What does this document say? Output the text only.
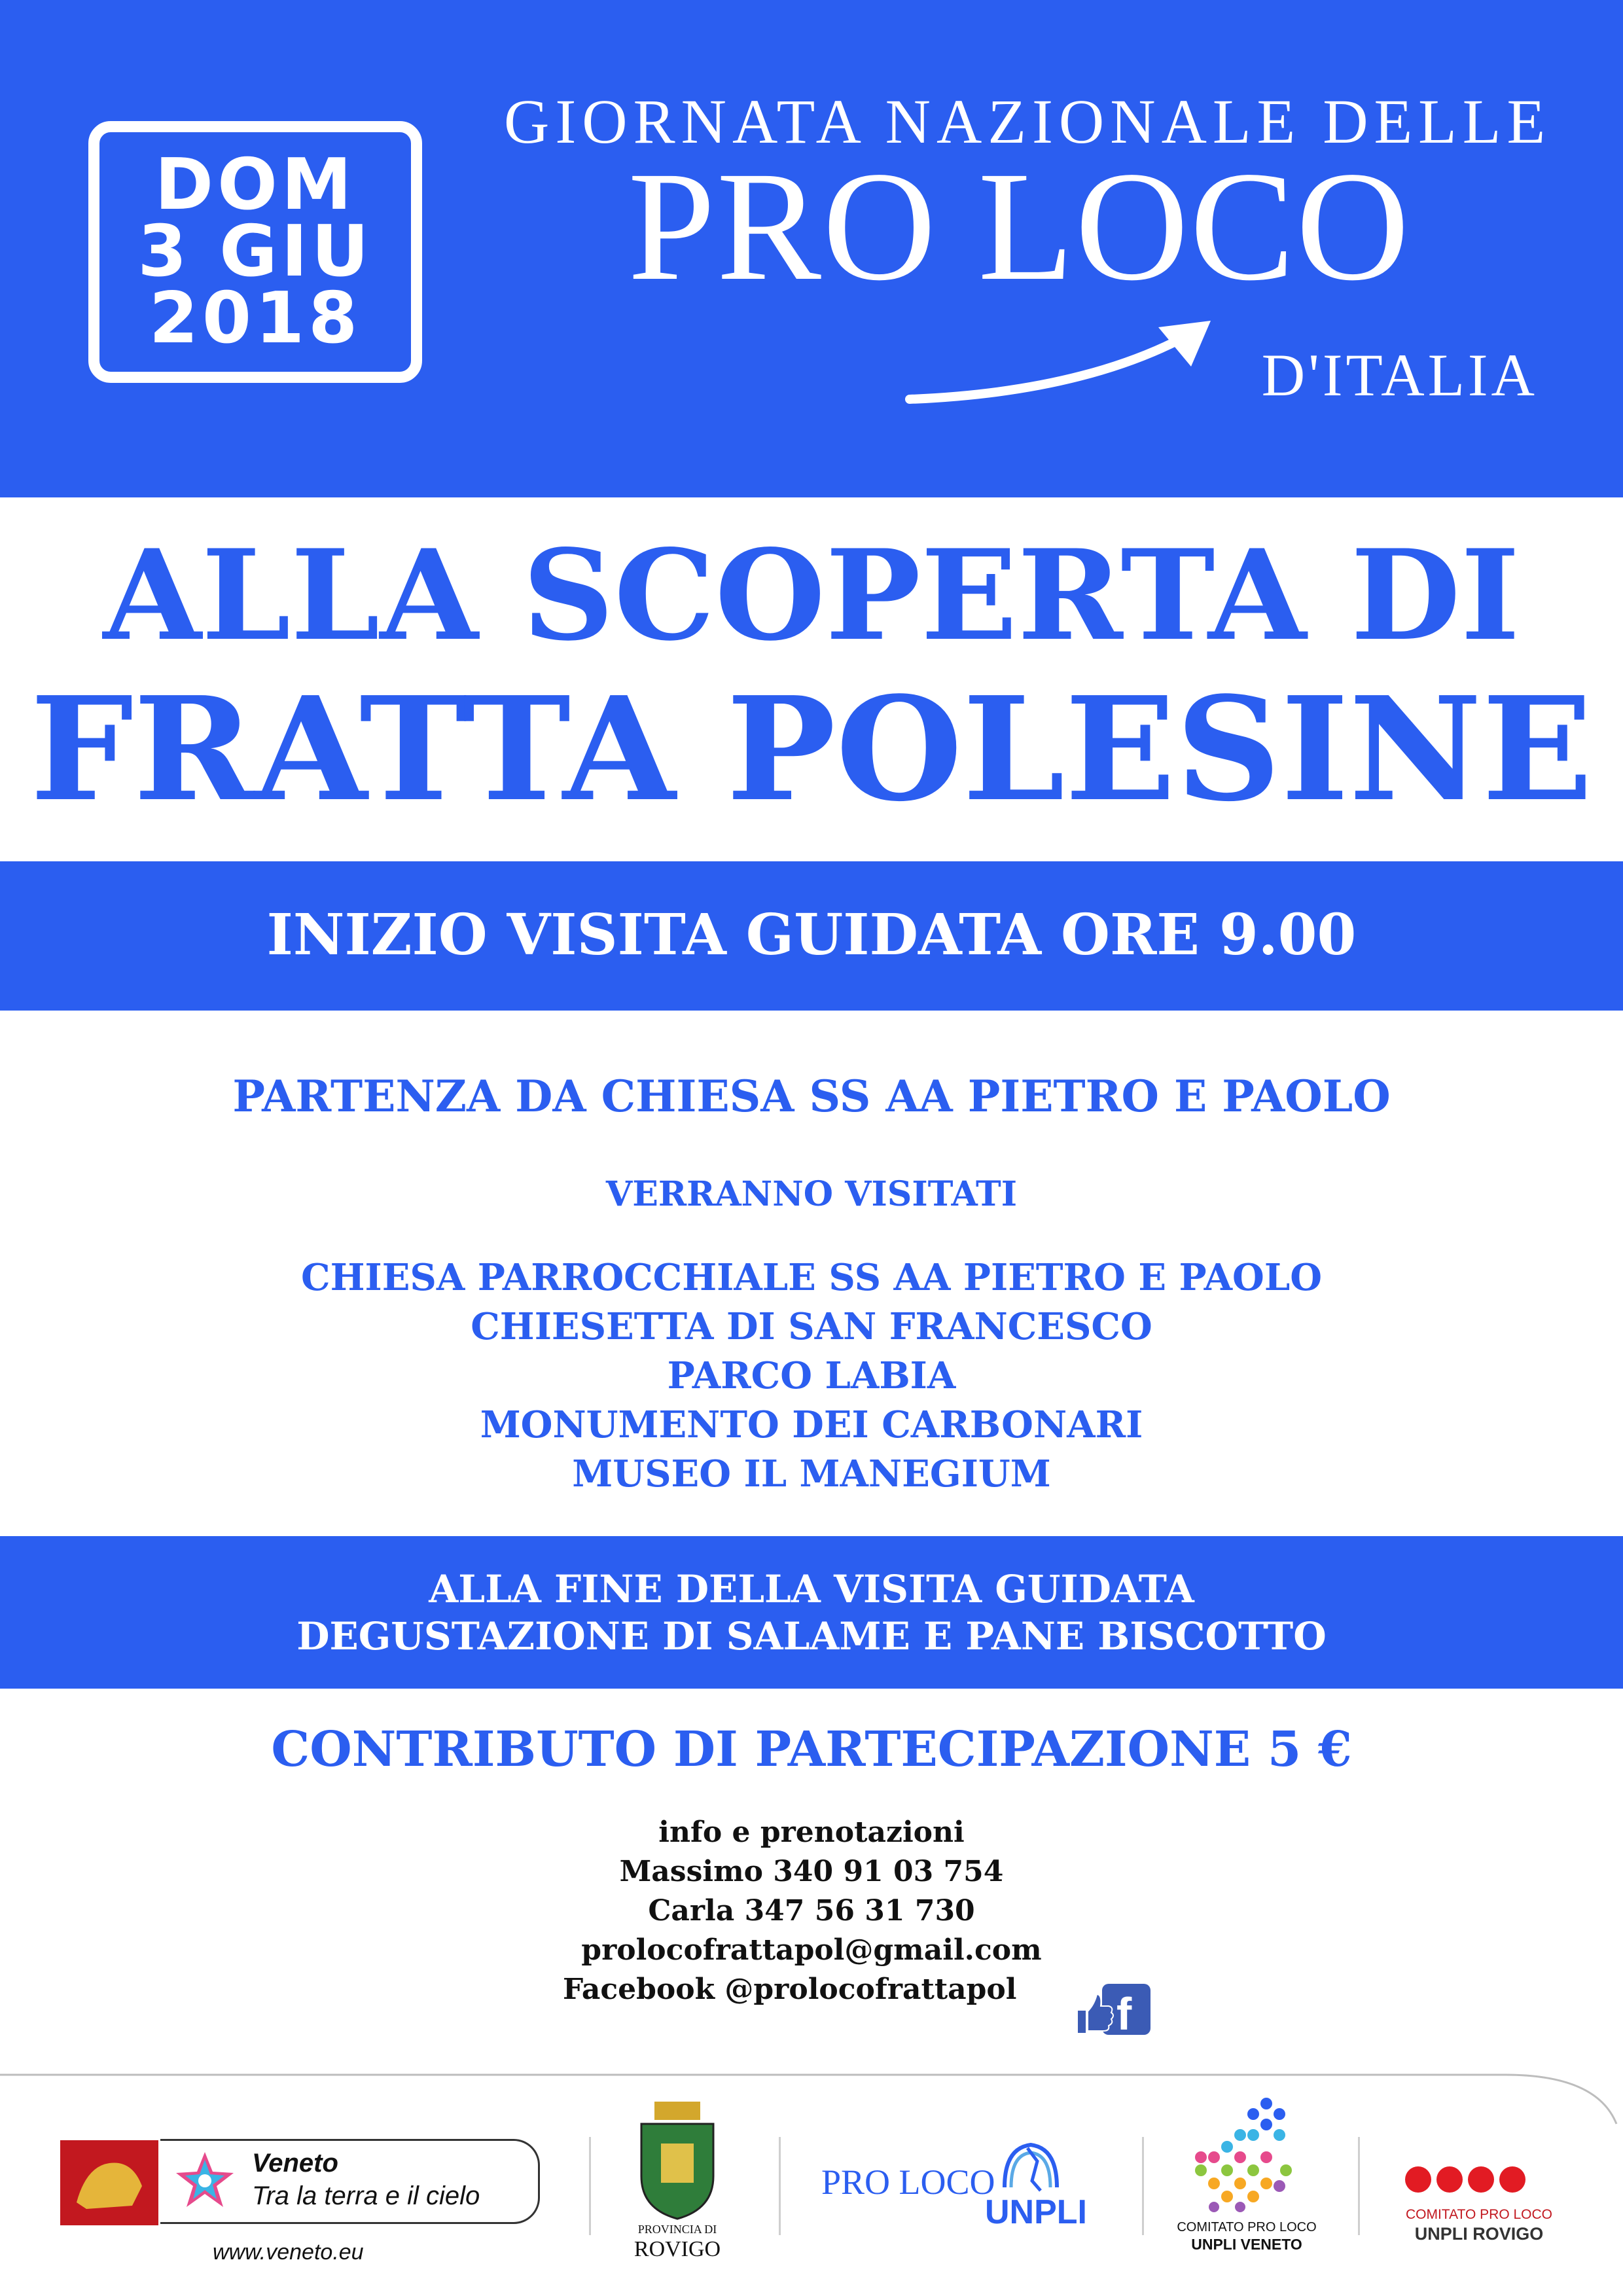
DOM
3 GIU
2018
GIORNATA NAZIONALE DELLE
PRO LOCO
D'ITALIA
ALLA SCOPERTA DI
FRATTA POLESINE
INIZIO VISITA GUIDATA ORE 9.00
PARTENZA DA CHIESA SS AA PIETRO E PAOLO
VERRANNO VISITATI
CHIESA PARROCCHIALE SS AA PIETRO E PAOLO
CHIESETTA DI SAN FRANCESCO
PARCO LABIA
MONUMENTO DEI CARBONARI
MUSEO IL MANEGIUM
ALLA FINE DELLA VISITA GUIDATA
DEGUSTAZIONE DI SALAME E PANE BISCOTTO
CONTRIBUTO DI PARTECIPAZIONE 5 €
info e prenotazioni
Massimo 340 91 03 754
Carla 347 56 31 730
prolocofrattapol@gmail.com
Facebook @prolocofrattapol f
Veneto
Tra la terra e il cielo
www.veneto.eu
PROVINCIA DI
ROVIGO
PRO LOCO
UNPLI	COMITATO PRO LOCO
UNPLI VENETO
COMITATO PRO LOCO
UNPLI ROVIGO
